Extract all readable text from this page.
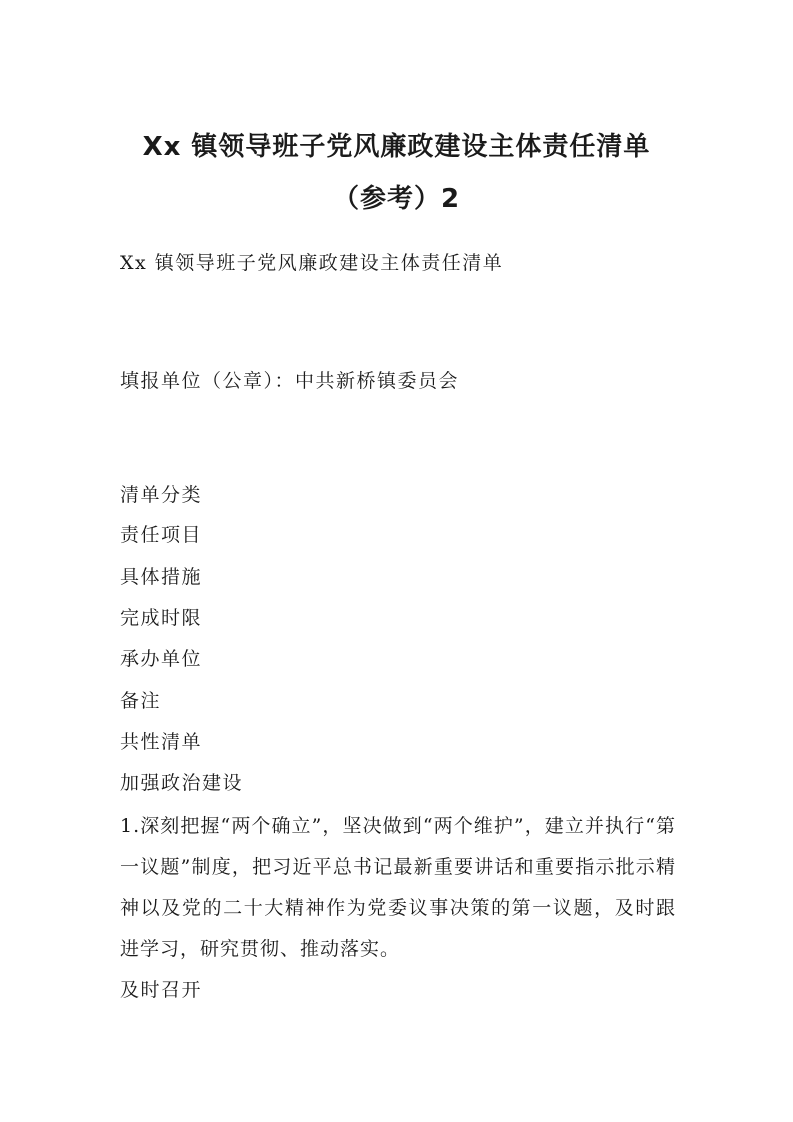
Xx 镇领导班子党风廉政建设主体责任清单
（参考）2

Xx 镇领导班子党风廉政建设主体责任清单

填报单位（公章）：中共新桥镇委员会

清单分类

责任项目

具体措施

完成时限

承办单位

备注

共性清单

加强政治建设

1.深刻把握“两个确立”，坚决做到“两个维护”，建立并执行“第一议题”制度，把习近平总书记最新重要讲话和重要指示批示精神以及党的二十大精神作为党委议事决策的第一议题，及时跟进学习，研究贯彻、推动落实。

及时召开
